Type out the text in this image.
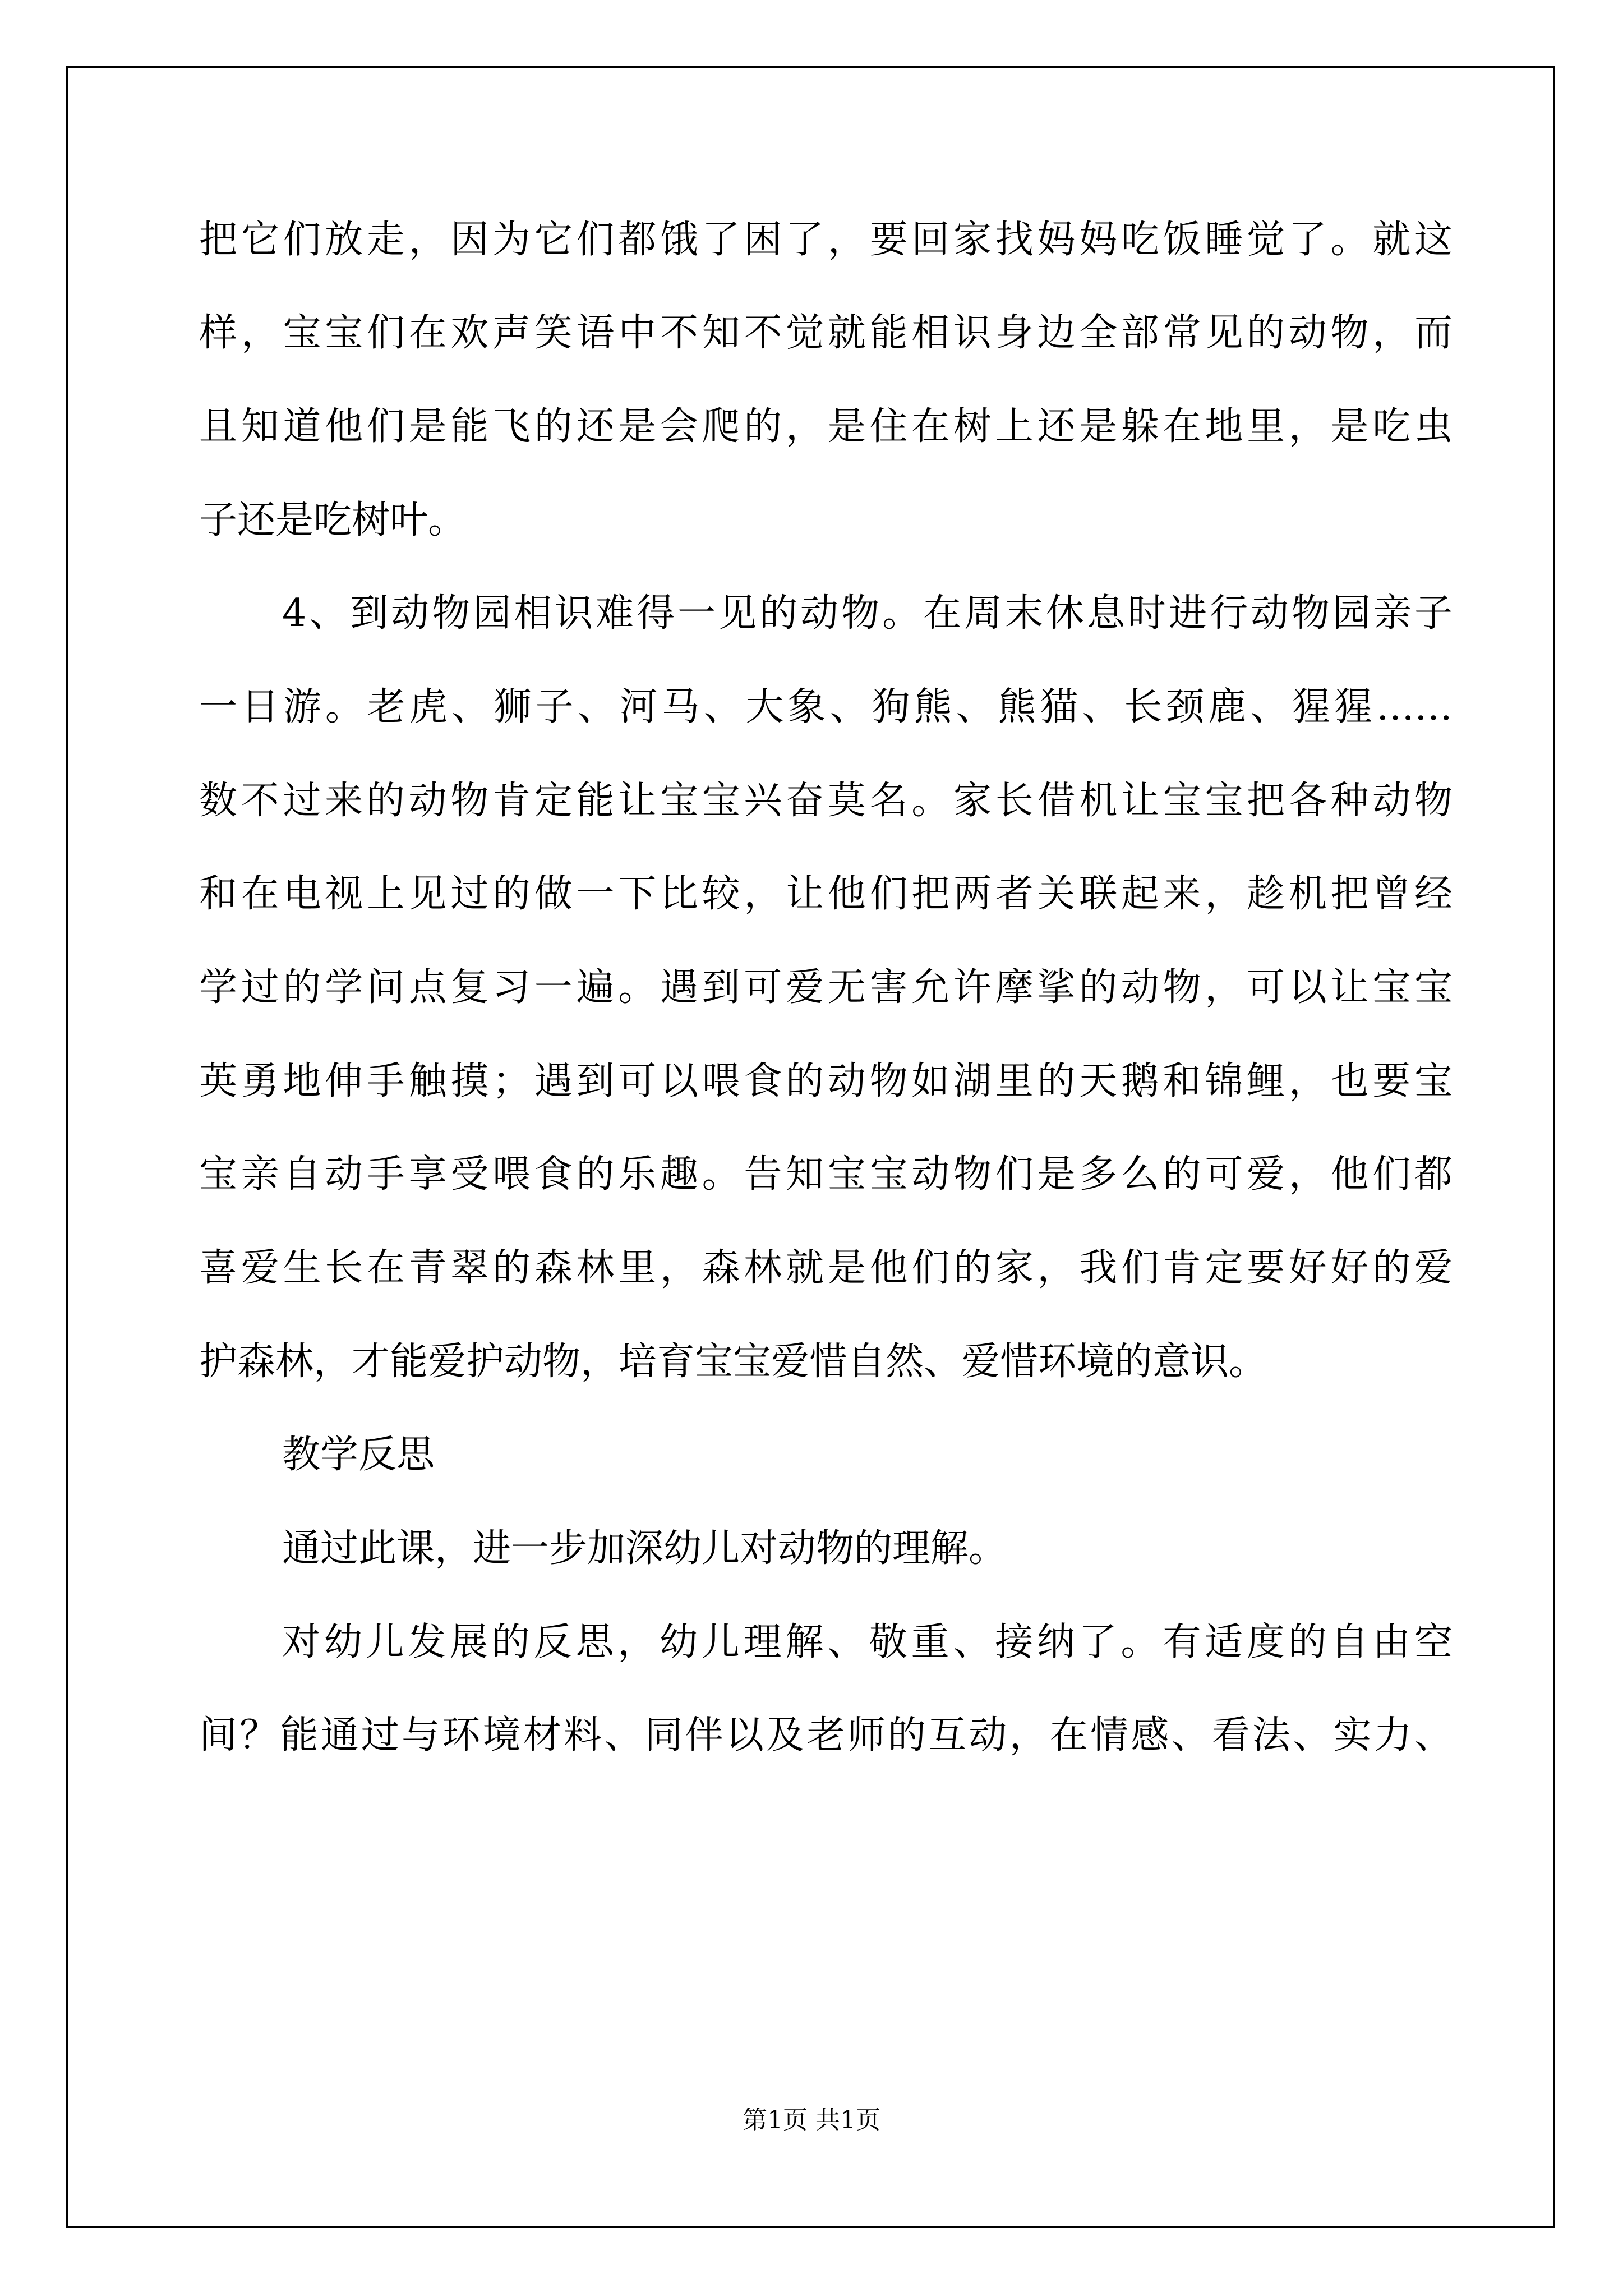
把它们放走，因为它们都饿了困了，要回家找妈妈吃饭睡觉了。就这
样，宝宝们在欢声笑语中不知不觉就能相识身边全部常见的动物，而
且知道他们是能飞的还是会爬的，是住在树上还是躲在地里，是吃虫
子还是吃树叶。
4、到动物园相识难得一见的动物。在周末休息时进行动物园亲子
一日游。老虎、狮子、河马、大象、狗熊、熊猫、长颈鹿、猩猩……
数不过来的动物肯定能让宝宝兴奋莫名。家长借机让宝宝把各种动物
和在电视上见过的做一下比较，让他们把两者关联起来，趁机把曾经
学过的学问点复习一遍。遇到可爱无害允许摩挲的动物，可以让宝宝
英勇地伸手触摸；遇到可以喂食的动物如湖里的天鹅和锦鲤，也要宝
宝亲自动手享受喂食的乐趣。告知宝宝动物们是多么的可爱，他们都
喜爱生长在青翠的森林里，森林就是他们的家，我们肯定要好好的爱
护森林，才能爱护动物，培育宝宝爱惜自然、爱惜环境的意识。
教学反思
通过此课，进一步加深幼儿对动物的理解。
对幼儿发展的反思，幼儿理解、敬重、接纳了。有适度的自由空
间？能通过与环境材料、同伴以及老师的互动，在情感、看法、实力、
第1页 共1页
